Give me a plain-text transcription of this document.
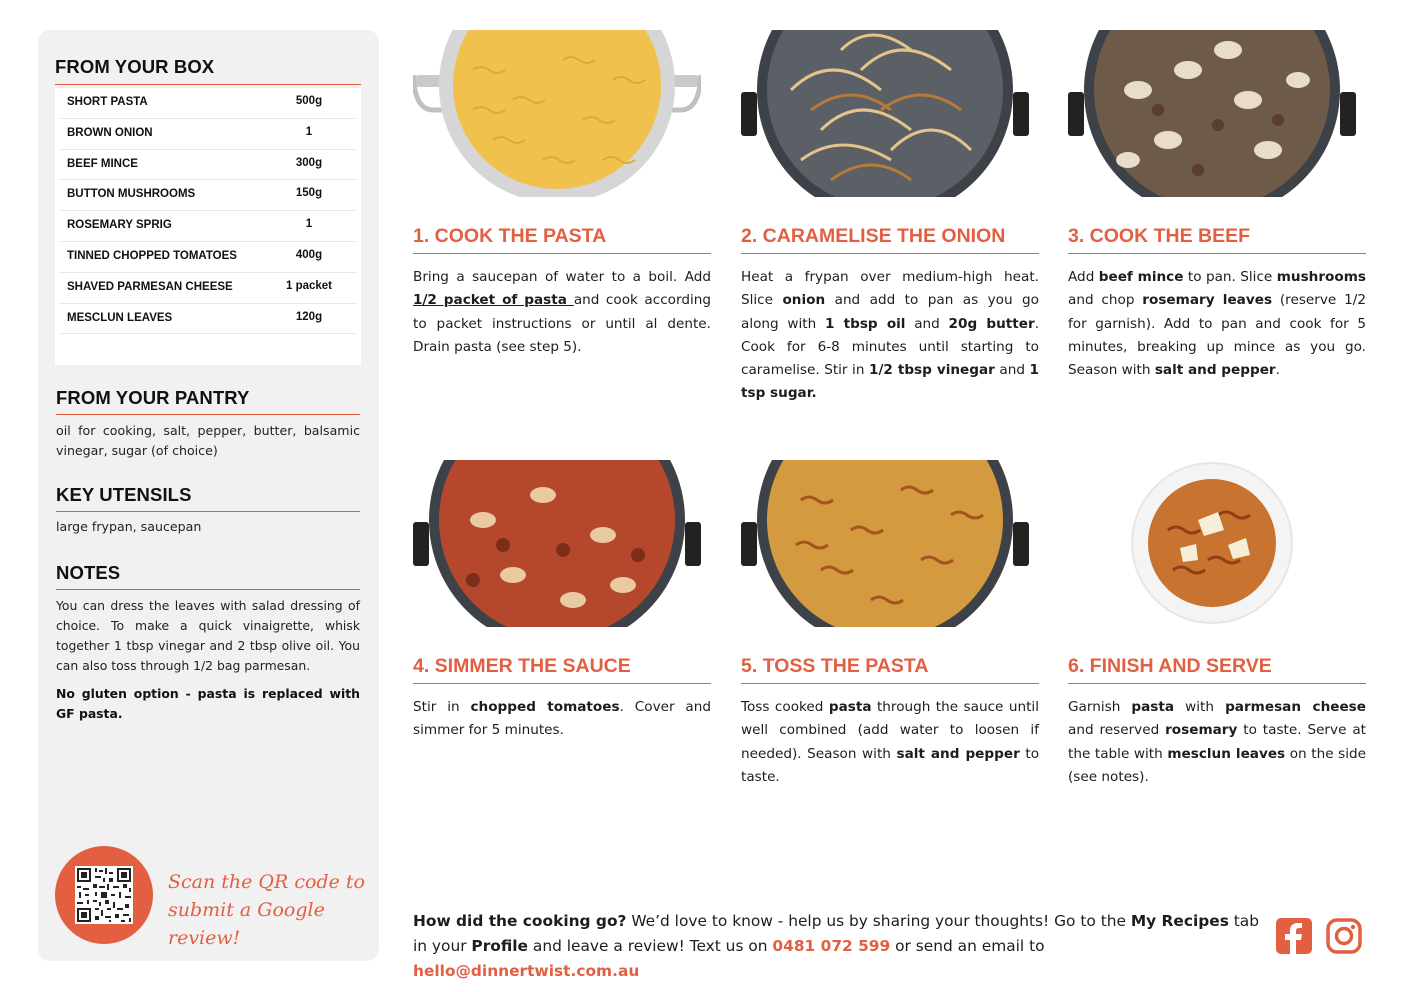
FROM YOUR BOX
SHORT PASTA	500g
BROWN ONION	1
BEEF MINCE	300g
BUTTON MUSHROOMS	150g
ROSEMARY SPRIG	1
TINNED CHOPPED TOMATOES	400g
SHAVED PARMESAN CHEESE	1 packet
MESCLUN LEAVES	120g
FROM YOUR PANTRY
oil for cooking, salt, pepper, butter, balsamic vinegar, sugar (of choice)
KEY UTENSILS
large frypan, saucepan
NOTES
You can dress the leaves with salad dressing of choice. To make a quick vinaigrette, whisk together 1 tbsp vinegar and 2 tbsp olive oil. You can also toss through 1/2 bag parmesan.
No gluten option - pasta is replaced with GF pasta.
Scan the QR code to
submit a Google review!
1. COOK THE PASTA
Bring a saucepan of water to a boil. Add 1/2 packet of pasta and cook according to packet instructions or until al dente. Drain pasta (see step 5).
2. CARAMELISE THE ONION
Heat a frypan over medium-high heat. Slice onion and add to pan as you go along with 1 tbsp oil and 20g butter. Cook for 6-8 minutes until starting to caramelise. Stir in 1/2 tbsp vinegar and 1 tsp sugar.
3. COOK THE BEEF
Add beef mince to pan. Slice mushrooms and chop rosemary leaves (reserve 1/2 for garnish). Add to pan and cook for 5 minutes, breaking up mince as you go. Season with salt and pepper.
4. SIMMER THE SAUCE
Stir in chopped tomatoes. Cover and simmer for 5 minutes.
5. TOSS THE PASTA
Toss cooked pasta through the sauce until well combined (add water to loosen if needed). Season with salt and pepper to taste.
6. FINISH AND SERVE
Garnish pasta with parmesan cheese and reserved rosemary to taste. Serve at the table with mesclun leaves on the side (see notes).
How did the cooking go? We’d love to know - help us by sharing your thoughts! Go to the My Recipes tab in your Profile and leave a review! Text us on 0481 072 599 or send an email to hello@dinnertwist.com.au
